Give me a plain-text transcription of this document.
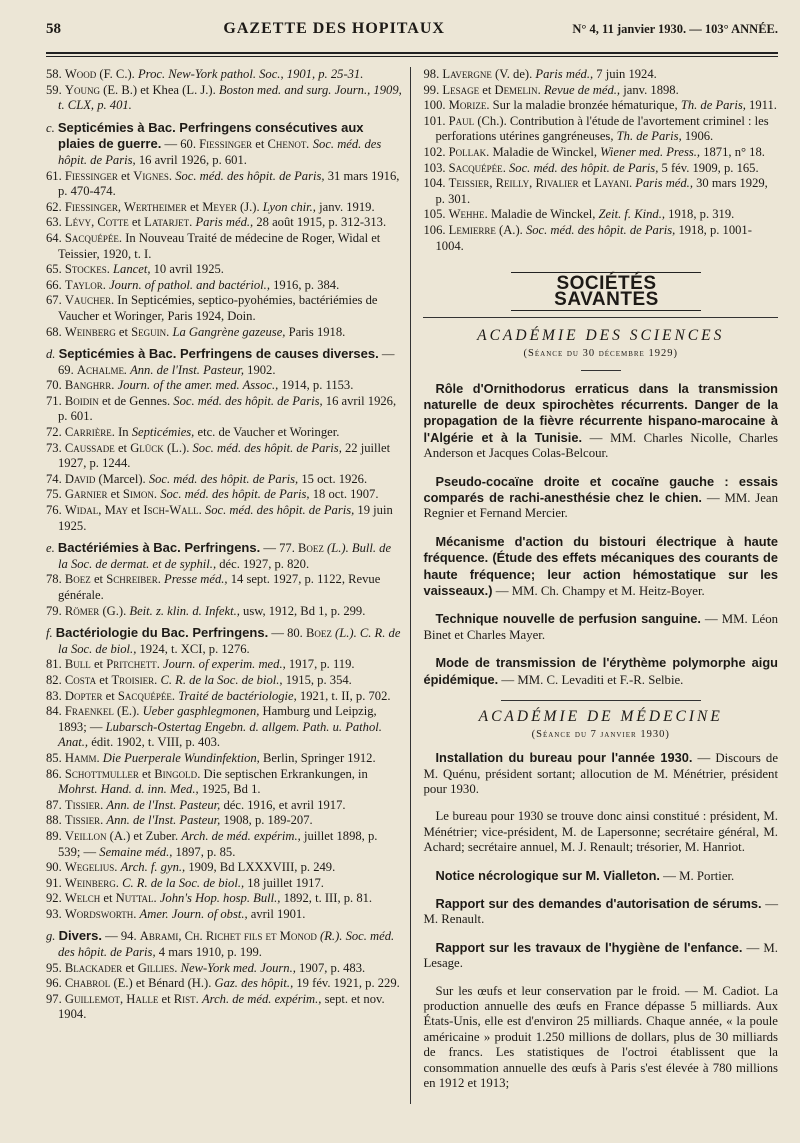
58	GAZETTE DES HOPITAUX	N° 4, 11 janvier 1930. — 103° ANNÉE.

58. Wood (F. C.). Proc. New-York pathol. Soc., 1901, p. 25-31.

59. Young (E. B.) et Khea (L. J.). Boston med. and surg. Journ., 1909, t. CLX, p. 401.

c. Septicémies à Bac. Perfringens consécutives aux plaies de guerre. — 60. Fiessinger et Chenot. Soc. méd. des hôpit. de Paris, 16 avril 1926, p. 601.

61. Fiessinger et Vignes. Soc. méd. des hôpit. de Paris, 31 mars 1916, p. 470-474.

62. Fiessinger, Wertheimer et Meyer (J.). Lyon chir., janv. 1919.

63. Lévy, Cotte et Latarjet. Paris méd., 28 août 1915, p. 312-313.

64. Sacquépée. In Nouveau Traité de médecine de Roger, Widal et Teissier, 1920, t. I.

65. Stockes. Lancet, 10 avril 1925.

66. Taylor. Journ. of pathol. and bactériol., 1916, p. 384.

67. Vaucher. In Septicémies, septico-pyohémies, bactériémies de Vaucher et Woringer, Paris 1924, Doin.

68. Weinberg et Seguin. La Gangrène gazeuse, Paris 1918.

d. Septicémies à Bac. Perfringens de causes diverses. — 69. Achalme. Ann. de l'Inst. Pasteur, 1902.

70. Banghrr. Journ. of the amer. med. Assoc., 1914, p. 1153.

71. Boidin et de Gennes. Soc. méd. des hôpit. de Paris, 16 avril 1926, p. 601.

72. Carrière. In Septicémies, etc. de Vaucher et Woringer.

73. Caussade et Glück (L.). Soc. méd. des hôpit. de Paris, 22 juillet 1927, p. 1244.

74. David (Marcel). Soc. méd. des hôpit. de Paris, 15 oct. 1926.

75. Garnier et Simon. Soc. méd. des hôpit. de Paris, 18 oct. 1907.

76. Widal, May et Isch-Wall. Soc. méd. des hôpit. de Paris, 19 juin 1925.

e. Bactériémies à Bac. Perfringens. — 77. Boez (L.). Bull. de la Soc. de dermat. et de syphil., déc. 1927, p. 820.

78. Boez et Schreiber. Presse méd., 14 sept. 1927, p. 1122, Revue générale.

79. Römer (G.). Beit. z. klin. d. Infekt., usw, 1912, Bd 1, p. 299.

f. Bactériologie du Bac. Perfringens. — 80. Boez (L.). C. R. de la Soc. de biol., 1924, t. XCI, p. 1276.

81. Bull et Pritchett. Journ. of experim. med., 1917, p. 119.

82. Costa et Troisier. C. R. de la Soc. de biol., 1915, p. 354.

83. Dopter et Sacquépée. Traité de bactériologie, 1921, t. II, p. 702.

84. Fraenkel (E.). Ueber gasphlegmonen, Hamburg und Leipzig, 1893; — Lubarsch-Ostertag Engebn. d. allgem. Path. u. Pathol. Anat., édit. 1902, t. VIII, p. 403.

85. Hamm. Die Puerperale Wundinfektion, Berlin, Springer 1912.

86. Schottmuller et Bingold. Die septischen Erkrankungen, in Mohrst. Hand. d. inn. Med., 1925, Bd 1.

87. Tissier. Ann. de l'Inst. Pasteur, déc. 1916, et avril 1917.

88. Tissier. Ann. de l'Inst. Pasteur, 1908, p. 189-207.

89. Veillon (A.) et Zuber. Arch. de méd. expérim., juillet 1898, p. 539; — Semaine méd., 1897, p. 85.

90. Wegelius. Arch. f. gyn., 1909, Bd LXXXVIII, p. 249.

91. Weinberg. C. R. de la Soc. de biol., 18 juillet 1917.

92. Welch et Nuttal. John's Hop. hosp. Bull., 1892, t. III, p. 81.

93. Wordsworth. Amer. Journ. of obst., avril 1901.

g. Divers. — 94. Abrami, Ch. Richet fils et Monod (R.). Soc. méd. des hôpit. de Paris, 4 mars 1910, p. 199.

95. Blackader et Gillies. New-York med. Journ., 1907, p. 483.

96. Chabrol (E.) et Bénard (H.). Gaz. des hôpit., 19 fév. 1921, p. 229.

97. Guillemot, Halle et Rist. Arch. de méd. expérim., sept. et nov. 1904.

98. Lavergne (V. de). Paris méd., 7 juin 1924.

99. Lesage et Demelin. Revue de méd., janv. 1898.

100. Morize. Sur la maladie bronzée hématurique, Th. de Paris, 1911.

101. Paul (Ch.). Contribution à l'étude de l'avortement criminel : les perforations utérines gangréneuses, Th. de Paris, 1906.

102. Pollak. Maladie de Winckel, Wiener med. Press., 1871, n° 18.

103. Sacquépée. Soc. méd. des hôpit. de Paris, 5 fév. 1909, p. 165.

104. Teissier, Reilly, Rivalier et Layani. Paris méd., 30 mars 1929, p. 301.

105. Wehhe. Maladie de Winckel, Zeit. f. Kind., 1918, p. 319.

106. Lemierre (A.). Soc. méd. des hôpit. de Paris, 1918, p. 1001-1004.

SOCIÉTÉS SAVANTES
ACADÉMIE DES SCIENCES
(Séance du 30 décembre 1929)

Rôle d'Ornithodorus erraticus dans la transmission naturelle de deux spirochètes récurrents. Danger de la propagation de la fièvre récurrente hispano-marocaine à l'Algérie et à la Tunisie. — MM. Charles Nicolle, Charles Anderson et Jacques Colas-Belcour.

Pseudo-cocaïne droite et cocaïne gauche : essais comparés de rachi-anesthésie chez le chien. — MM. Jean Regnier et Fernand Mercier.

Mécanisme d'action du bistouri électrique à haute fréquence. (Étude des effets mécaniques des courants de haute fréquence; leur action hémostatique sur les vaisseaux.) — MM. Ch. Champy et M. Heitz-Boyer.

Technique nouvelle de perfusion sanguine. — MM. Léon Binet et Charles Mayer.

Mode de transmission de l'érythème polymorphe aigu épidémique. — MM. C. Levaditi et F.-R. Selbie.

ACADÉMIE DE MÉDECINE
(Séance du 7 janvier 1930)

Installation du bureau pour l'année 1930. — Discours de M. Quénu, président sortant; allocution de M. Ménétrier, président pour 1930.

Le bureau pour 1930 se trouve donc ainsi constitué : président, M. Ménétrier; vice-président, M. de Lapersonne; secrétaire général, M. Achard; secrétaire annuel, M. J. Renault; trésorier, M. Hanriot.

Notice nécrologique sur M. Vialleton. — M. Portier.

Rapport sur des demandes d'autorisation de sérums. — M. Renault.

Rapport sur les travaux de l'hygiène de l'enfance. — M. Lesage.

Sur les œufs et leur conservation par le froid. — M. Cadiot. La production annuelle des œufs en France dépasse 5 milliards. Aux États-Unis, elle est d'environ 25 milliards. Chaque année, « la poule américaine » produit 1.250 millions de dollars, plus de 30 milliards de francs. Les statistiques de l'octroi établissent que la consommation annuelle des œufs à Paris s'est élevée à 780 millions en 1912 et 1913;
